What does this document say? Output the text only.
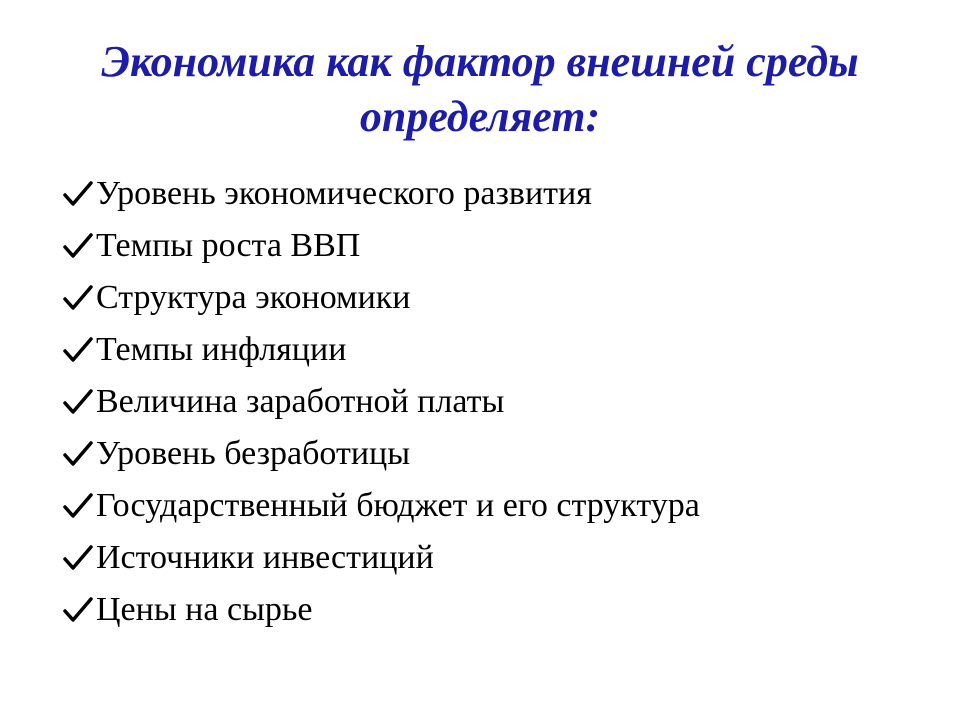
Экономика как фактор внешней среды
определяет:
Уровень экономического развития
Темпы роста ВВП
Структура экономики
Темпы инфляции
Величина заработной платы
Уровень безработицы
Государственный бюджет и его структура
Источники инвестиций
Цены на сырье
